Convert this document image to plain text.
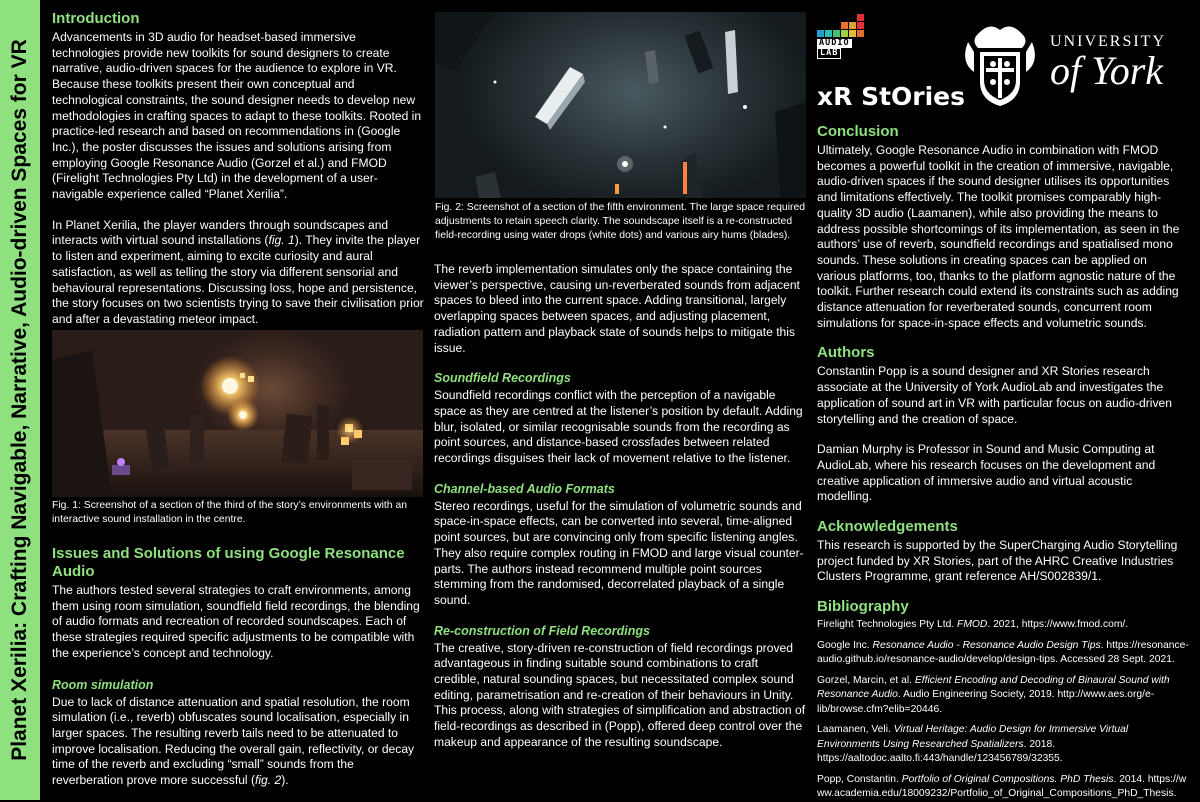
Planet Xerilia: Crafting Navigable, Narrative, Audio-driven Spaces for VR
Introduction

Advancements in 3D audio for headset-based immersive technologies provide new toolkits for sound designers to create narrative, audio-driven spaces for the audience to explore in VR. Because these toolkits present their own conceptual and technological constraints, the sound designer needs to develop new methodologies in crafting spaces to adapt to these toolkits. Rooted in practice-led research and based on recommendations in (Google Inc.), the poster discusses the issues and solutions arising from employing Google Resonance Audio (Gorzel et al.) and FMOD (Firelight Technologies Pty Ltd) in the development of a user-navigable experience called “Planet Xerilia”.

In Planet Xerilia, the player wanders through soundscapes and interacts with virtual sound installations (fig. 1). They invite the player to listen and experiment, aiming to excite curiosity and aural satisfaction, as well as telling the story via different sensorial and behavioural representations. Discussing loss, hope and persistence, the story focuses on two scientists trying to save their civilisation prior and after a devastating meteor impact.

Fig. 1: Screenshot of a section of the third of the story’s environments with an interactive sound installation in the centre.
Issues and Solutions of using Google Resonance Audio

The authors tested several strategies to craft environments, among them using room simulation, soundfield field recordings, the blending of audio formats and recreation of recorded soundscapes. Each of these strategies required specific adjustments to be compatible with the experience’s concept and technology.

Room simulation

Due to lack of distance attenuation and spatial resolution, the room simulation (i.e., reverb) obfuscates sound localisation, especially in larger spaces. The resulting reverb tails need to be attenuated to improve localisation. Reducing the overall gain, reflectivity, or decay time of the reverb and excluding “small” sounds from the reverberation prove more successful (fig. 2).

Fig. 2: Screenshot of a section of the fifth environment. The large space required adjustments to retain speech clarity. The soundscape itself is a re-constructed field-recording using water drops (white dots) and various airy hums (blades).

The reverb implementation simulates only the space containing the viewer’s perspective, causing un-reverberated sounds from adjacent spaces to bleed into the current space. Adding transitional, largely overlapping spaces between spaces, and adjusting placement, radiation pattern and playback state of sounds helps to mitigate this issue.

Soundfield Recordings

Soundfield recordings conflict with the perception of a navigable space as they are centred at the listener’s position by default. Adding blur, isolated, or similar recognisable sounds from the recording as point sources, and distance-based crossfades between related recordings disguises their lack of movement relative to the listener.

Channel-based Audio Formats

Stereo recordings, useful for the simulation of volumetric sounds and space-in-space effects, can be converted into several, time-aligned point sources, but are convincing only from specific listening angles. They also require complex routing in FMOD and large visual counter-parts. The authors instead recommend multiple point sources stemming from the randomised, decorrelated playback of a single sound.

Re-construction of Field Recordings

The creative, story-driven re-construction of field recordings proved advantageous in finding suitable sound combinations to craft credible, natural sounding spaces, but necessitated complex sound editing, parametrisation and re-creation of their behaviours in Unity. This process, along with strategies of simplification and abstraction of field-recordings as described in (Popp), offered deep control over the makeup and appearance of the resulting soundscape.

AUDIO
LAB
xR StOries
UNIVERSITY
of York
Conclusion

Ultimately, Google Resonance Audio in combination with FMOD becomes a powerful toolkit in the creation of immersive, navigable, audio-driven spaces if the sound designer utilises its opportunities and limitations effectively. The toolkit promises comparably high-quality 3D audio (Laamanen), while also providing the means to address possible shortcomings of its implementation, as seen in the authors’ use of reverb, soundfield recordings and spatialised mono sounds. These solutions in creating spaces can be applied on various platforms, too, thanks to the platform agnostic nature of the toolkit. Further research could extend its constraints such as adding distance attenuation for reverberated sounds, concurrent room simulations for space-in-space effects and volumetric sounds.

Authors

Constantin Popp is a sound designer and XR Stories research associate at the University of York AudioLab and investigates the application of sound art in VR with particular focus on audio-driven storytelling and the creation of space.

Damian Murphy is Professor in Sound and Music Computing at AudioLab, where his research focuses on the development and creative application of immersive audio and virtual acoustic modelling.

Acknowledgements

This research is supported by the SuperCharging Audio Storytelling project funded by XR Stories, part of the AHRC Creative Industries Clusters Programme, grant reference AH/S002839/1.

Bibliography

Firelight Technologies Pty Ltd. FMOD. 2021, https://www.fmod.com/.

Google Inc. Resonance Audio - Resonance Audio Design Tips. https://resonance-audio.github.io/resonance-audio/develop/design-tips. Accessed 28 Sept. 2021.

Gorzel, Marcin, et al. Efficient Encoding and Decoding of Binaural Sound with Resonance Audio. Audio Engineering Society, 2019. http://www.aes.org/e-lib/browse.cfm?elib=20446.

Laamanen, Veli. Virtual Heritage: Audio Design for Immersive Virtual Environments Using Researched Spatializers. 2018. https://aaltodoc.aalto.fi:443/handle/123456789/32355.

Popp, Constantin. Portfolio of Original Compositions. PhD Thesis. 2014. https://www.academia.edu/18009232/Portfolio_of_Original_Compositions_PhD_Thesis.
